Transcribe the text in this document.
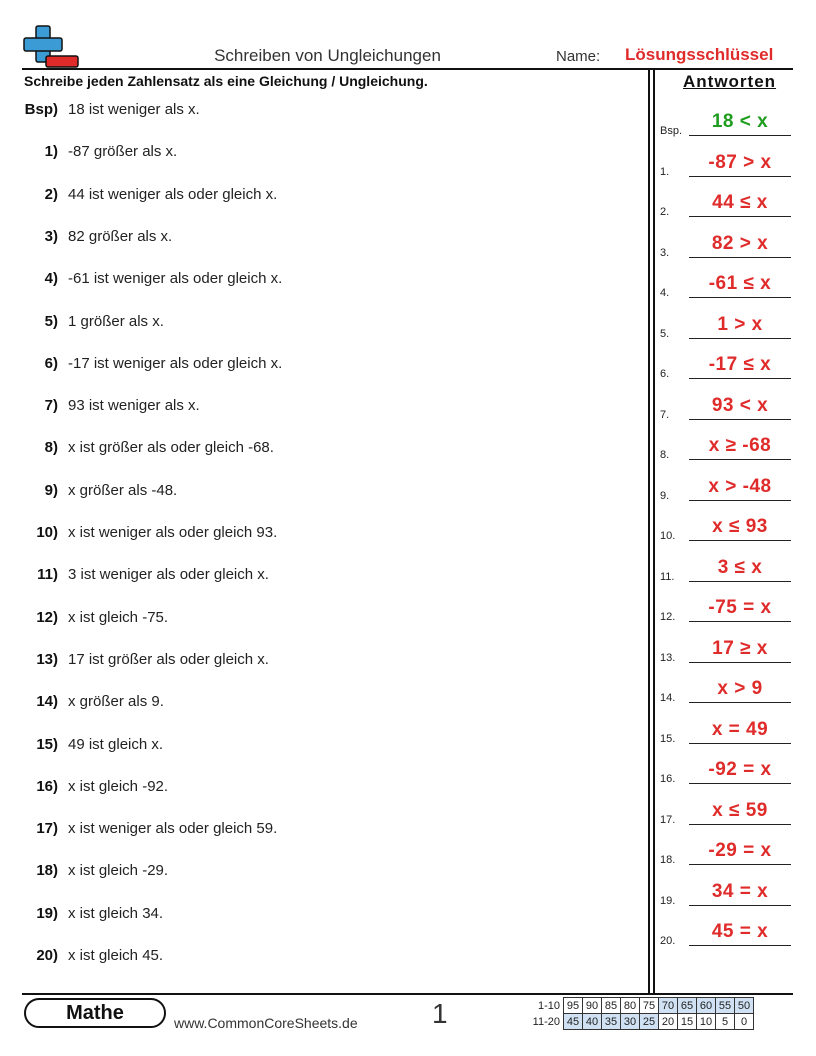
Schreiben von Ungleichungen	Name: Lösungsschlüssel
Schreibe jeden Zahlensatz als eine Gleichung / Ungleichung.	Antworten
Bsp) 18 ist weniger als x.
1) -87 größer als x.
2) 44 ist weniger als oder gleich x.
3) 82 größer als x.
4) -61 ist weniger als oder gleich x.
5) 1 größer als x.
6) -17 ist weniger als oder gleich x.
7) 93 ist weniger als x.
8) x ist größer als oder gleich -68.
9) x größer als -48.
10) x ist weniger als oder gleich 93.
11) 3 ist weniger als oder gleich x.
12) x ist gleich -75.
13) 17 ist größer als oder gleich x.
14) x größer als 9.
15) 49 ist gleich x.
16) x ist gleich -92.
17) x ist weniger als oder gleich 59.
18) x ist gleich -29.
19) x ist gleich 34.
20) x ist gleich 45.
Bsp.	18 < x
1.	-87 > x
2.	44 ≤ x
3.	82 > x
4.	-61 ≤ x
5.	1 > x
6.	-17 ≤ x
7.	93 < x
8.	x ≥ -68
9.	x > -48
10.	x ≤ 93
11.	3 ≤ x
12.	-75 = x
13.	17 ≥ x
14.	x > 9
15.	x = 49
16.	-92 = x
17.	x ≤ 59
18.	-29 = x
19.	34 = x
20.	45 = x
Mathe	www.CommonCoreSheets.de	1	1-10	95	90	85	80	75	70	65	60	55	50
11-20	45	40	35	30	25	20	15	10	5	0
